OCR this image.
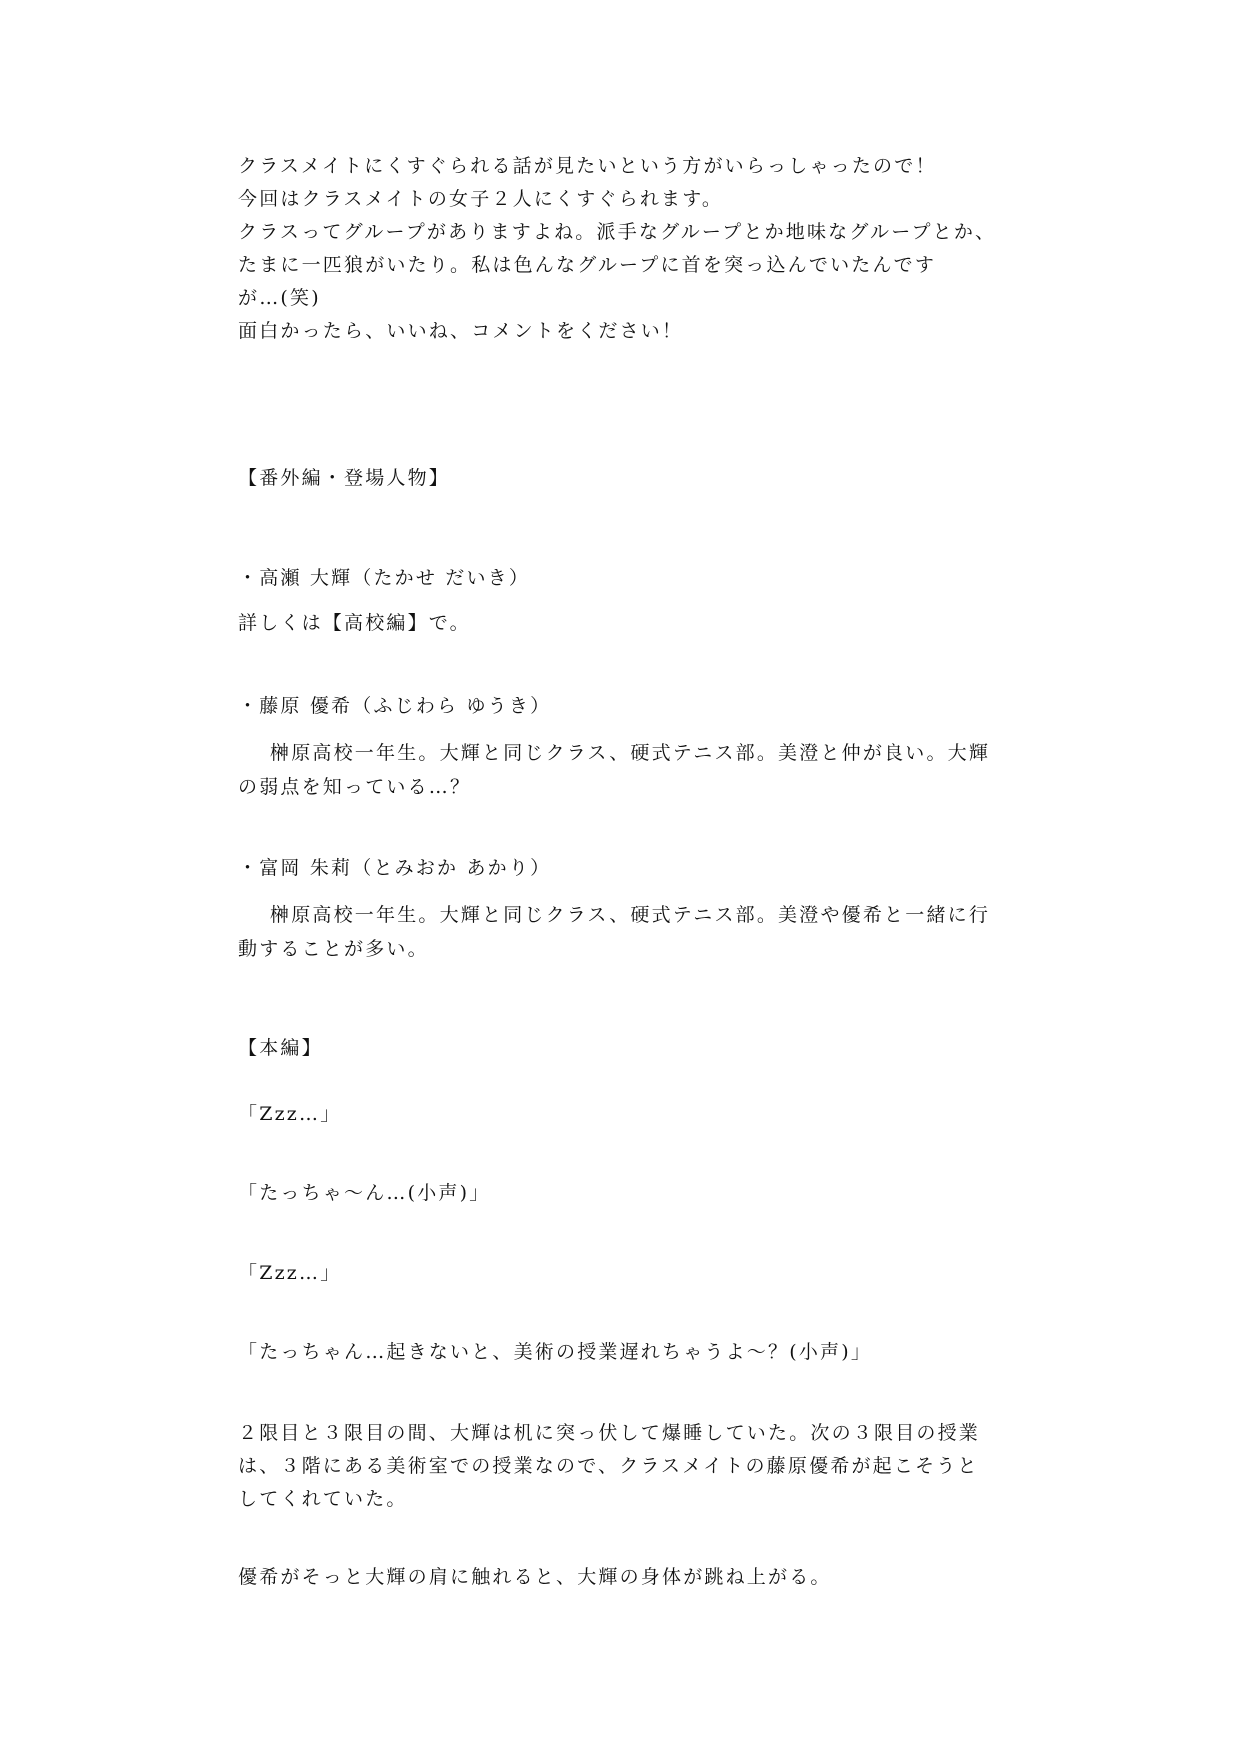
クラスメイトにくすぐられる話が見たいという方がいらっしゃったので！
今回はクラスメイトの女子２人にくすぐられます。
クラスってグループがありますよね。派手なグループとか地味なグループとか、
たまに一匹狼がいたり。私は色んなグループに首を突っ込んでいたんです
が…(笑)
面白かったら、いいね、コメントをください！
【番外編・登場人物】
・高瀬 大輝（たかせ だいき）
詳しくは【高校編】で。
・藤原 優希（ふじわら ゆうき）
榊原高校一年生。大輝と同じクラス、硬式テニス部。美澄と仲が良い。大輝
の弱点を知っている…？
・富岡 朱莉（とみおか あかり）
榊原高校一年生。大輝と同じクラス、硬式テニス部。美澄や優希と一緒に行
動することが多い。
【本編】
「Zzz…」
「たっちゃ〜ん…(小声)」
「Zzz…」
「たっちゃん…起きないと、美術の授業遅れちゃうよ〜？(小声)」
２限目と３限目の間、大輝は机に突っ伏して爆睡していた。次の３限目の授業
は、３階にある美術室での授業なので、クラスメイトの藤原優希が起こそうと
してくれていた。
優希がそっと大輝の肩に触れると、大輝の身体が跳ね上がる。
